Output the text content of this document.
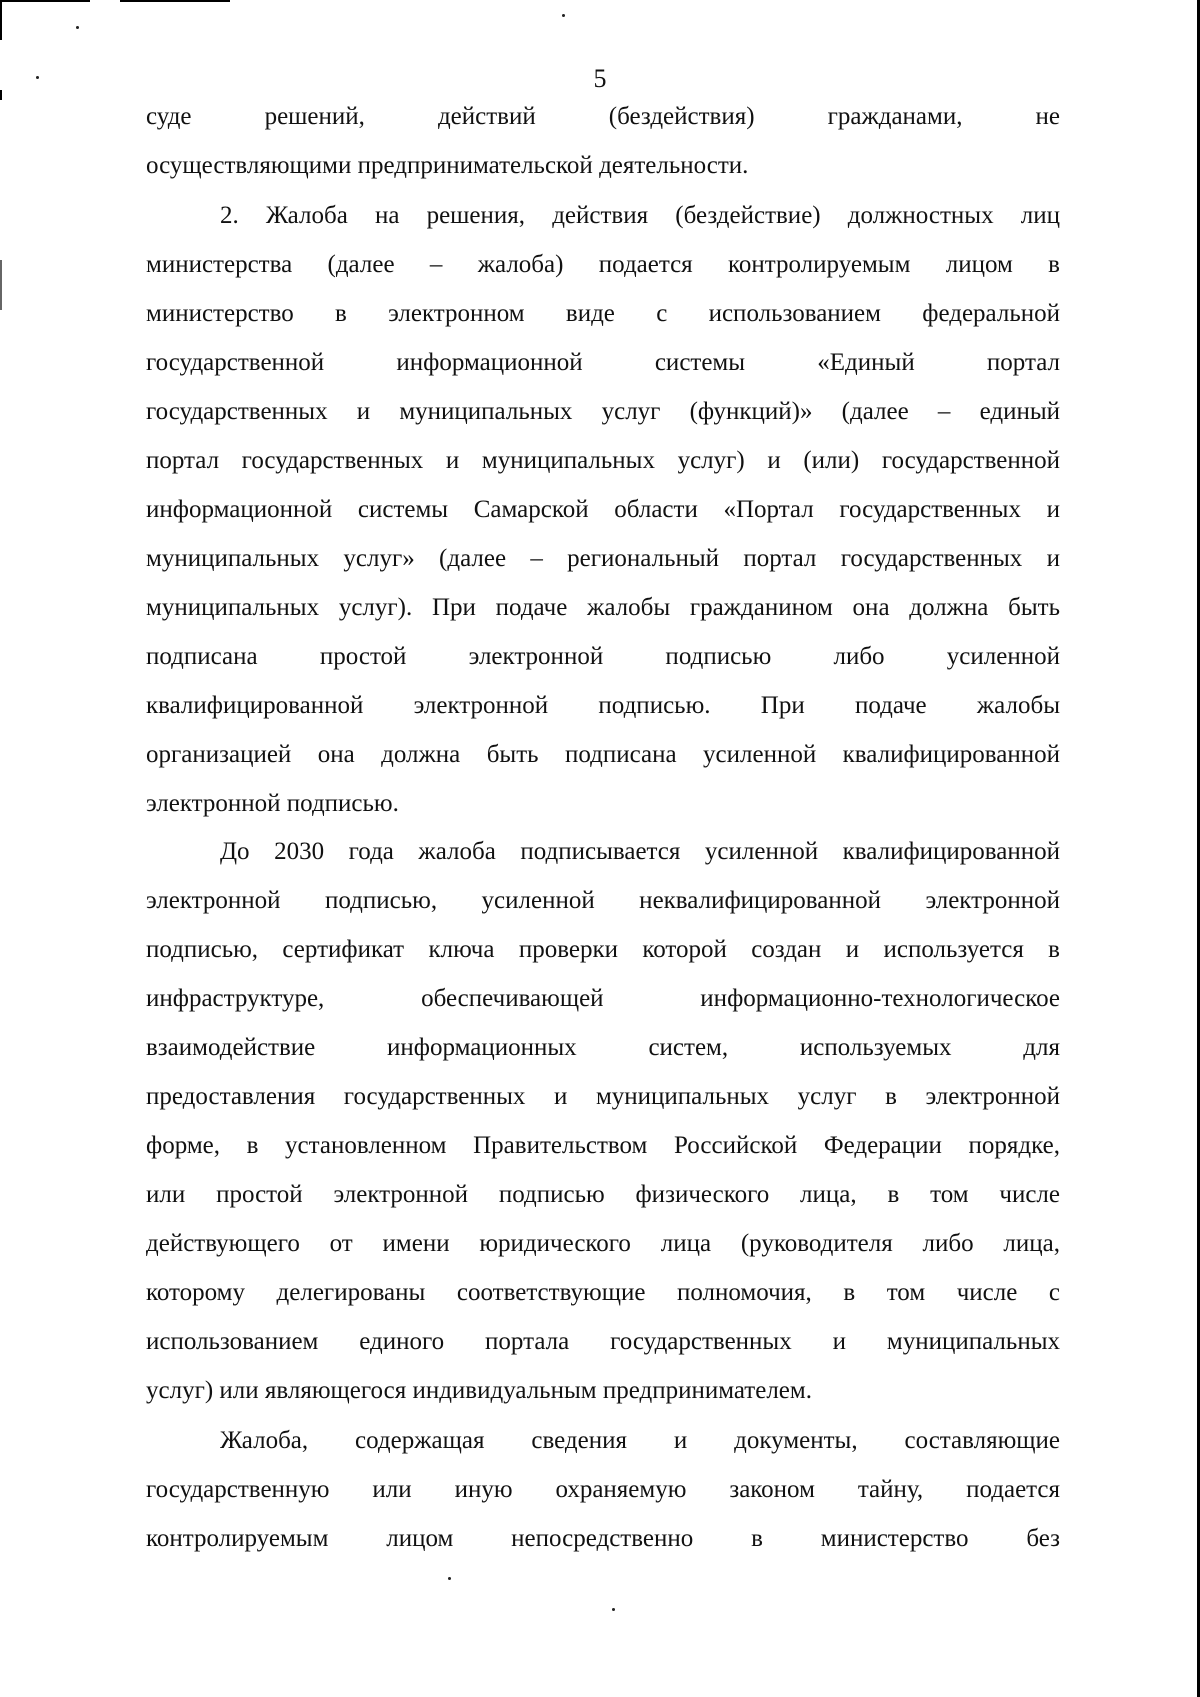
5
суде решений, действий (бездействия) гражданами, не
осуществляющими предпринимательской деятельности.
2. Жалоба на решения, действия (бездействие) должностных лиц
министерства (далее – жалоба) подается контролируемым лицом в
министерство в электронном виде с использованием федеральной
государственной информационной системы «Единый портал
государственных и муниципальных услуг (функций)» (далее – единый
портал государственных и муниципальных услуг) и (или) государственной
информационной системы Самарской области «Портал государственных и
муниципальных услуг» (далее – региональный портал государственных и
муниципальных услуг). При подаче жалобы гражданином она должна быть
подписана простой электронной подписью либо усиленной
квалифицированной электронной подписью. При подаче жалобы
организацией она должна быть подписана усиленной квалифицированной
электронной подписью.
До 2030 года жалоба подписывается усиленной квалифицированной
электронной подписью, усиленной неквалифицированной электронной
подписью, сертификат ключа проверки которой создан и используется в
инфраструктуре, обеспечивающей информационно-технологическое
взаимодействие информационных систем, используемых для
предоставления государственных и муниципальных услуг в электронной
форме, в установленном Правительством Российской Федерации порядке,
или простой электронной подписью физического лица, в том числе
действующего от имени юридического лица (руководителя либо лица,
которому делегированы соответствующие полномочия, в том числе с
использованием единого портала государственных и муниципальных
услуг) или являющегося индивидуальным предпринимателем.
Жалоба, содержащая сведения и документы, составляющие
государственную или иную охраняемую законом тайну, подается
контролируемым лицом непосредственно в министерство без
